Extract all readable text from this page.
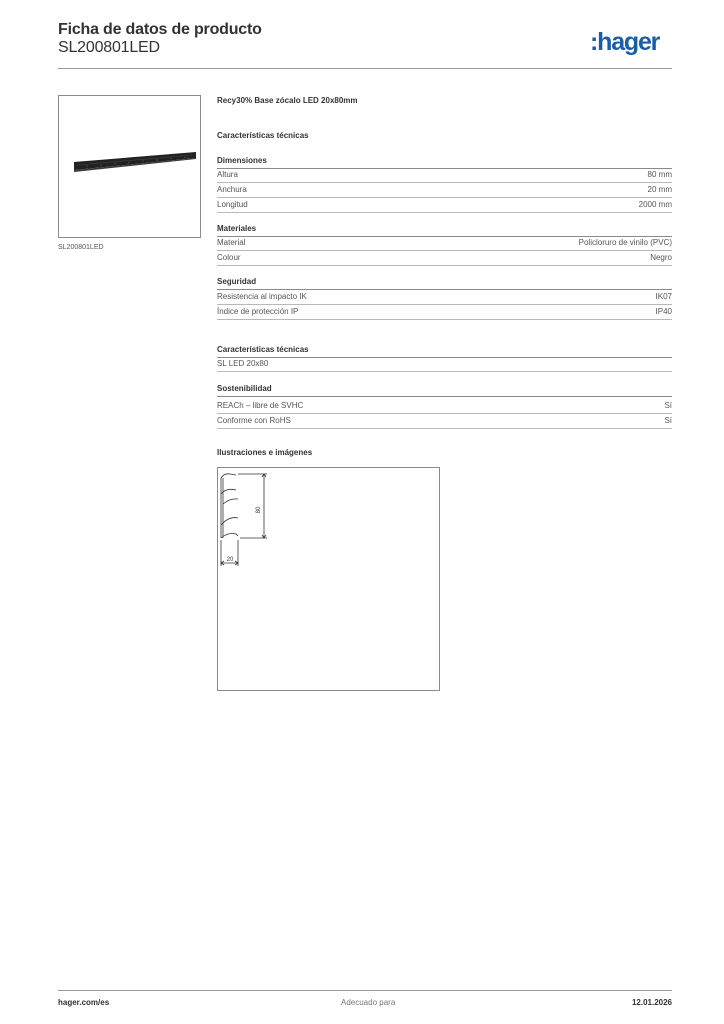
Ficha de datos de producto
SL200801LED	:hager
SL200801LED
Recy30% Base zócalo LED 20x80mm
Características técnicas
Dimensiones
Altura	80 mm
Anchura	20 mm
Longitud	2000 mm
Materiales
Material	Policloruro de vinilo (PVC)
Colour	Negro
Seguridad
Resistencia al impacto IK	IK07
Índice de protección IP	IP40
Características técnicas
SL LED 20x80
Sostenibilidad
REACh – libre de SVHC	Sí
Conforme con RoHS	Sí
Ilustraciones e imágenes
80
20
hager.com/es	Adecuado para	12.01.2026
